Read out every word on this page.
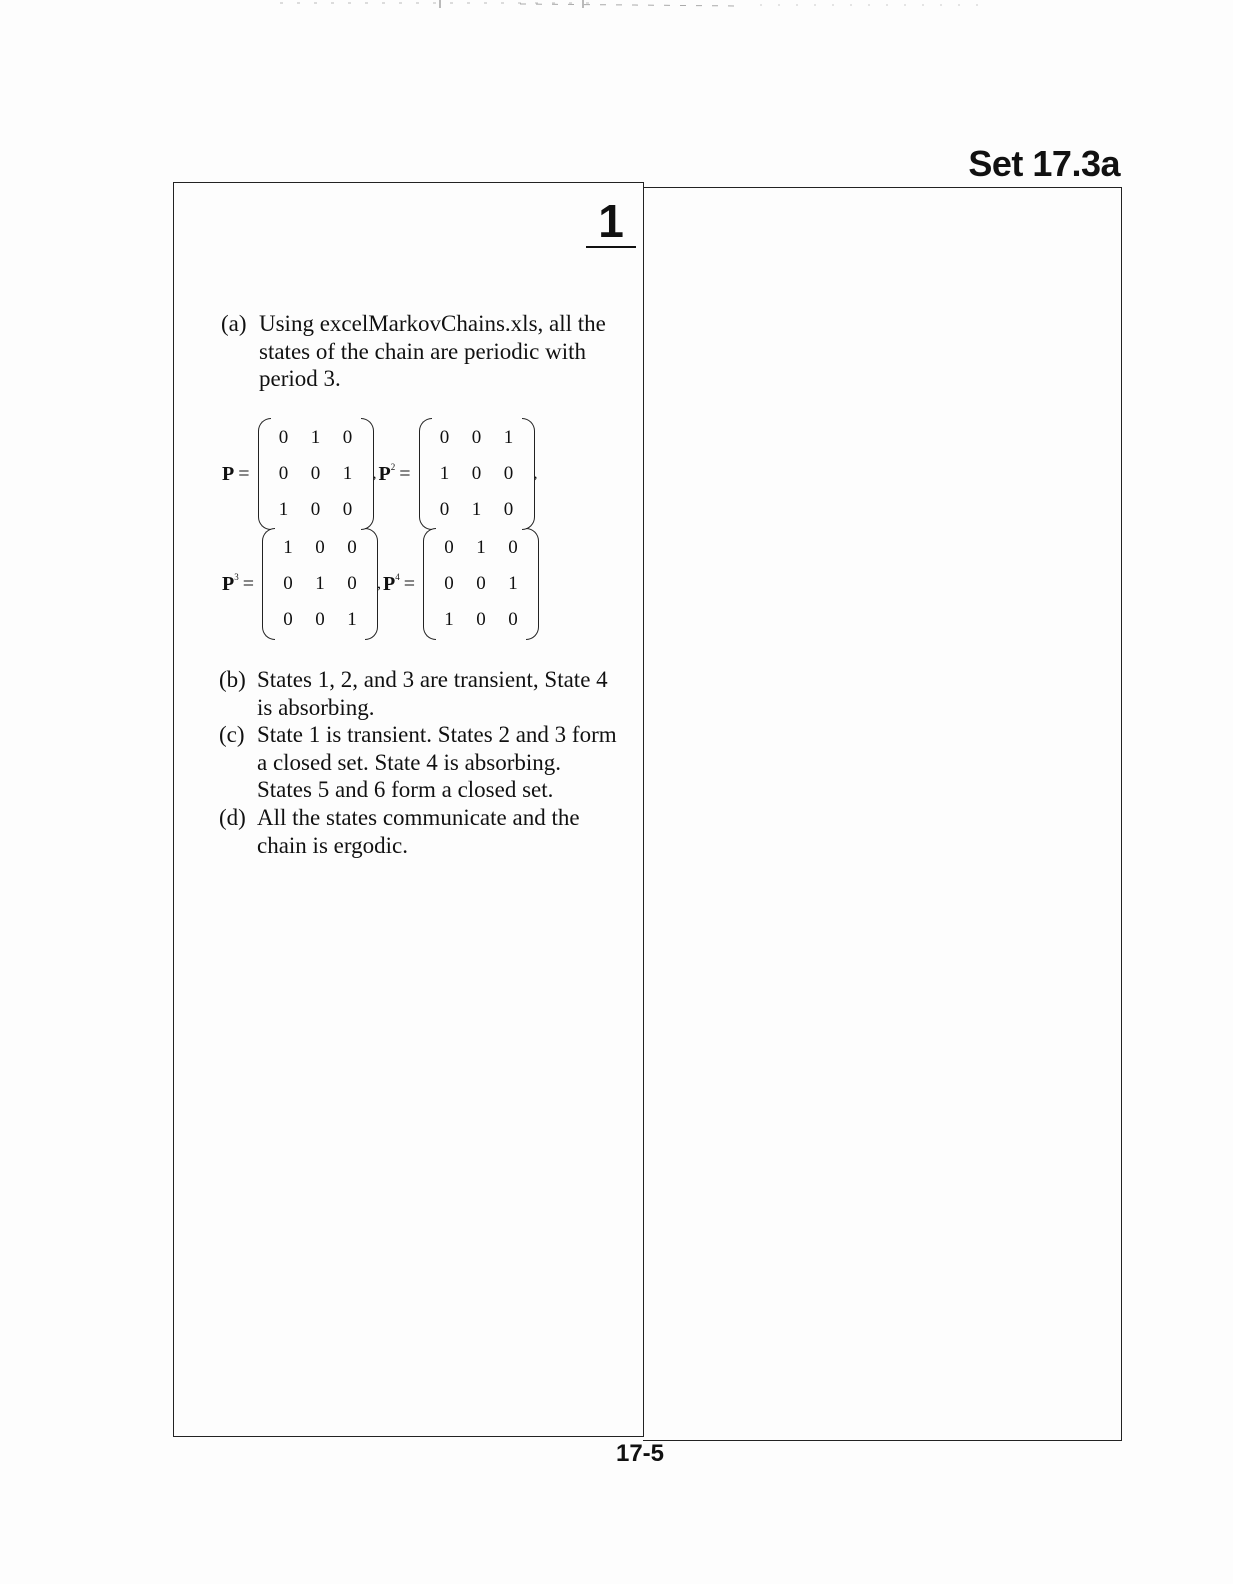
Set 17.3a
1
(a) Using excelMarkovChains.xls, all the
states of the chain are periodic with
period 3.
P =
0	1	0
0	0	1
1	0	0
, $P^2$ =
0	0	1
1	0	0
0	1	0
,
$P^3$ =
1	0	0
0	1	0
0	0	1
, $P^4$ =
0	1	0
0	0	1
1	0	0
(b) States 1, 2, and 3 are transient, State 4
is absorbing.
(c) State 1 is transient. States 2 and 3 form
a closed set. State 4 is absorbing.
States 5 and 6 form a closed set.
(d) All the states communicate and the
chain is ergodic.
17-5
